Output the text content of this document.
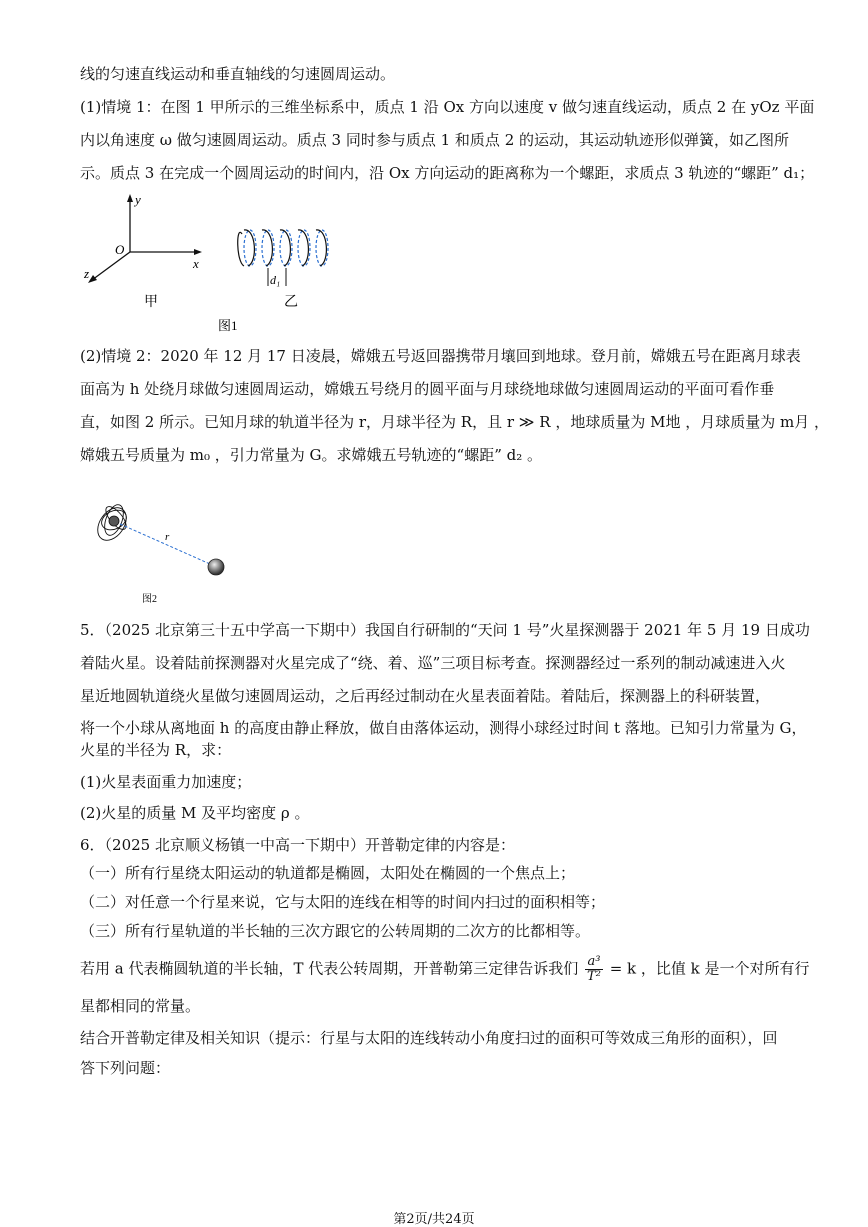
线的匀速直线运动和垂直轴线的匀速圆周运动。
(1)情境 1：在图 1 甲所示的三维坐标系中，质点 1 沿 Ox 方向以速度 v 做匀速直线运动，质点 2 在 yOz 平面
内以角速度 ω 做匀速圆周运动。质点 3 同时参与质点 1 和质点 2 的运动，其运动轨迹形似弹簧，如乙图所
示。质点 3 在完成一个圆周运动的时间内，沿 Ox 方向运动的距离称为一个螺距，求质点 3 轨迹的“螺距” d₁；
y
x
z
O
甲
d₁
乙
图1
(2)情境 2：2020 年 12 月 17 日凌晨，嫦娥五号返回器携带月壤回到地球。登月前，嫦娥五号在距离月球表
面高为 h 处绕月球做匀速圆周运动，嫦娥五号绕月的圆平面与月球绕地球做匀速圆周运动的平面可看作垂
直，如图 2 所示。已知月球的轨道半径为 r，月球半径为 R，且 r ≫ R ，地球质量为 M地 ，月球质量为 m月 ，
嫦娥五号质量为 m₀ ，引力常量为 G。求嫦娥五号轨迹的“螺距” d₂ 。
r
图2
5．（2025 北京第三十五中学高一下期中）我国自行研制的“天问 1 号”火星探测器于 2021 年 5 月 19 日成功
着陆火星。设着陆前探测器对火星完成了“绕、着、巡”三项目标考查。探测器经过一系列的制动减速进入火
星近地圆轨道绕火星做匀速圆周运动，之后再经过制动在火星表面着陆。着陆后，探测器上的科研装置，
将一个小球从离地面 h 的高度由静止释放，做自由落体运动，测得小球经过时间 t 落地。已知引力常量为 G，
火星的半径为 R，求：
(1)火星表面重力加速度；
(2)火星的质量 M 及平均密度 ρ 。
6．（2025 北京顺义杨镇一中高一下期中）开普勒定律的内容是：
（一）所有行星绕太阳运动的轨道都是椭圆，太阳处在椭圆的一个焦点上；
（二）对任意一个行星来说，它与太阳的连线在相等的时间内扫过的面积相等；
（三）所有行星轨道的半长轴的三次方跟它的公转周期的二次方的比都相等。
若用 a 代表椭圆轨道的半长轴，T 代表公转周期，开普勒第三定律告诉我们 $\frac{\text{a³}}{\text{T²}} = k$ ，比值 k 是一个对所有行
星都相同的常量。
结合开普勒定律及相关知识（提示：行星与太阳的连线转动小角度扫过的面积可等效成三角形的面积），回
答下列问题：
第2页/共24页
